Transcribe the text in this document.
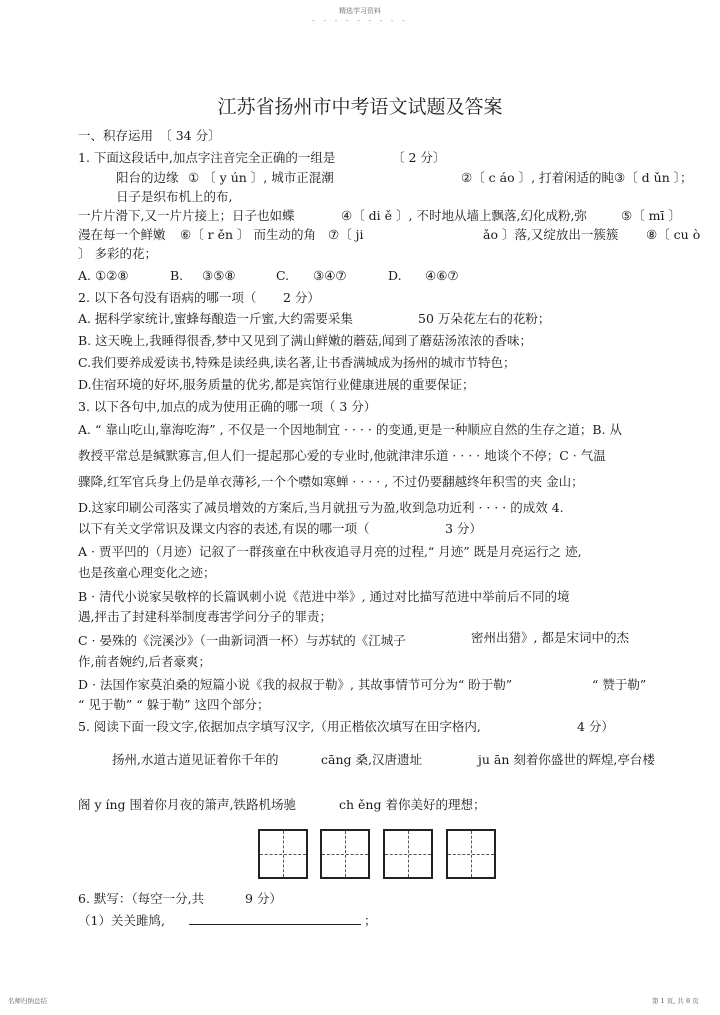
精选学习资料
- - - - - - - - -
江苏省扬州市中考语文试题及答案
一、积存运用　〔 34 分〕
1. 下面这段话中,加点字注音完全正确的一组是	〔 2 分〕
阳台的边缘 ① 〔 y ún 〕, 城市正混潮	②〔 c áo 〕, 打着闲适的盹 ③〔 d ǔn 〕；
日子是织布机上的布,
一片片滑下,又一片片接上；日子也如蝶	④〔 di ě 〕, 不时地从墙上飘落,幻化成粉,弥	⑤〔 mī 〕
漫在每一个鲜嫩 ⑥〔 r ěn 〕 而生动的角 ⑦〔 ji	ǎo 〕落,又绽放出一簇簇 ⑧〔 cu ò
〕 多彩的花；
A. ①②⑧	B. ③⑤⑧	C. ③④⑦	D. ④⑥⑦
2. 以下各句没有语病的哪一项（ 2 分）
A. 据科学家统计,蜜蜂每酿造一斤蜜,大约需要采集	50 万朵花左右的花粉；
B. 这天晚上,我睡得很香,梦中又见到了满山鲜嫩的蘑菇,闻到了蘑菇汤浓浓的香味；
C.我们要养成爱读书,特殊是读经典,读名著,让书香满城成为扬州的城市节特色；
D.住宿环境的好坏,服务质量的优劣,都是宾馆行业健康进展的重要保证；
3. 以下各句中,加点的成为使用正确的哪一项（ 3 分）
A. “ 靠山吃山,靠海吃海” , 不仅是一个因地制宜 · · · · 的变通,更是一种顺应自然的生存之道；B. 从
教授平常总是缄默寡言,但人们一提起那心爱的专业时,他就津津乐道 · · · · 地谈个不停；C · 气温
骤降,红军官兵身上仍是单衣薄衫,一个个噤如寒蝉 · · · · , 不过仍要翻越终年积雪的夹 金山；
D.这家印刷公司落实了减员增效的方案后,当月就扭亏为盈,收到急功近利 · · · · 的成效 4.
以下有关文学常识及课文内容的表述,有误的哪一项（	3 分）
A · 贾平凹的（月迹）记叙了一群孩童在中秋夜追寻月亮的过程,“ 月迹” 既是月亮运行之 迹,
也是孩童心理变化之迹；
B · 清代小说家吴敬梓的长篇讽刺小说《范进中举》, 通过对比描写范进中举前后不同的境
遇,抨击了封建科举制度毒害学问分子的罪责；
C · 晏殊的《浣溪沙》（一曲新词酒一杯）与苏轼的《江城子	密州出猎》, 都是宋词中的杰
作,前者婉约,后者豪爽；
D · 法国作家莫泊桑的短篇小说《我的叔叔于勒》, 其故事情节可分为“ 盼于勒”	“ 赞于勒”
“ 见于勒” “ 躲于勒” 这四个部分；
5. 阅读下面一段文字,依据加点字填写汉字,（用正楷依次填写在田字格内,	4 分）
扬州,水道古道见证着你千年的	cāng 桑,汉唐遗址	ju ān 刻着你盛世的辉煌,亭台楼
阁 y íng 围着你月夜的箫声,铁路机场驰	ch ěng 着你美好的理想；
6. 默写：（每空一分,共	9 分）
（1）关关雎鸠,	；
名师归纳总结	第 1 页, 共 8 页
